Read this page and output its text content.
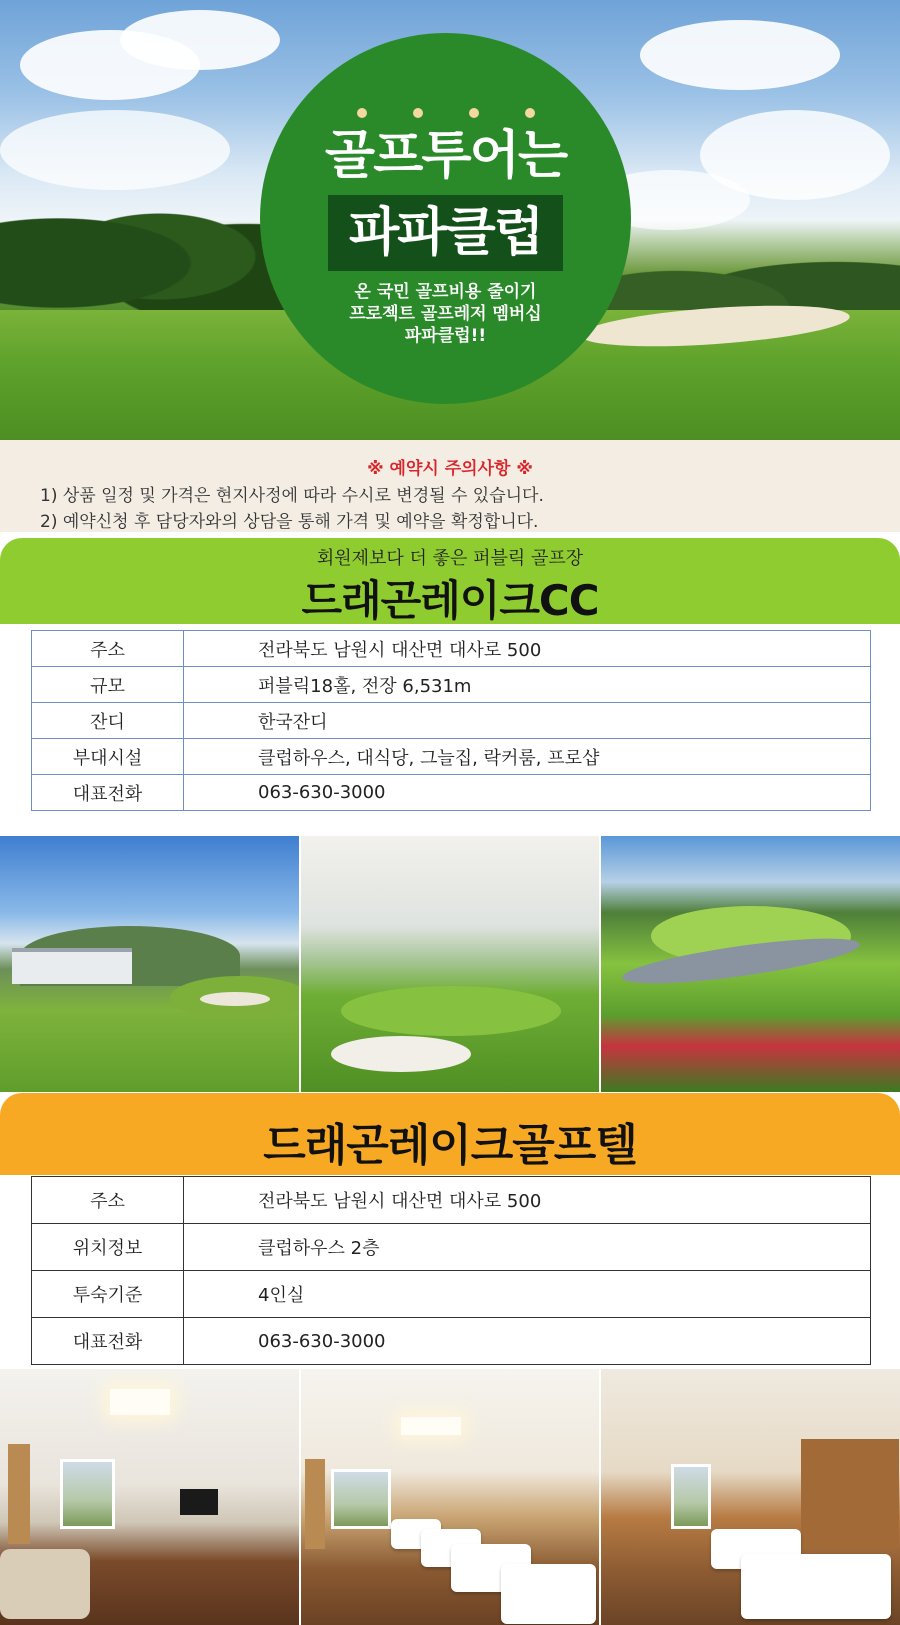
골프투어는
파파클럽
온 국민 골프비용 줄이기
프로젝트 골프레저 멤버십
파파클럽!!
※ 예약시 주의사항 ※
1) 상품 일정 및 가격은 현지사정에 따라 수시로 변경될 수 있습니다.
2) 예약신청 후 담당자와의 상담을 통해 가격 및 예약을 확정합니다.
회원제보다 더 좋은 퍼블릭 골프장
드래곤레이크CC
주소	전라북도 남원시 대산면 대사로 500
규모	퍼블릭18홀, 전장 6,531m
잔디	한국잔디
부대시설	클럽하우스, 대식당, 그늘집, 락커룸, 프로샵
대표전화	063-630-3000
드래곤레이크골프텔
주소	전라북도 남원시 대산면 대사로 500
위치정보	클럽하우스 2층
투숙기준	4인실
대표전화	063-630-3000
